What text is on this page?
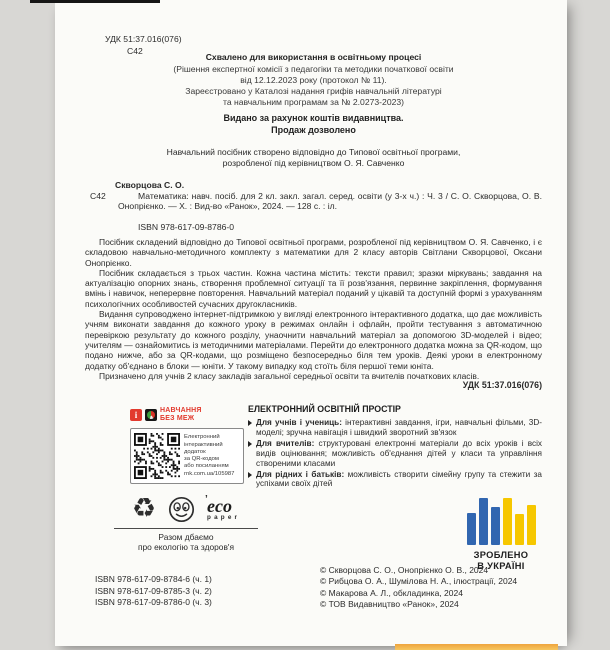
УДК 51:37.016(076)
С42
Схвалено для використання в освітньому процесі
(Рішення експертної комісії з педагогіки та методики початкової освіти
від 12.12.2023 року (протокол № 11).
Зареєстровано у Каталозі надання грифів навчальній літературі
та навчальним програмам за № 2.0273-2023)
Видано за рахунок коштів видавництва.
Продаж дозволено
Навчальний посібник створено відповідно до Типової освітньої програми,
розробленої під керівництвом О. Я. Савченко
Скворцова С. О.
С42	Математика: навч. посіб. для 2 кл. закл. загал. серед. освіти (у 3-х ч.) : Ч. 3 / С. О. Скворцова, О. В. Онопрієнко. — Х. : Вид-во «Ранок», 2024. — 128 с. : іл.
ISBN 978-617-09-8786-0

Посібник складений відповідно до Типової освітньої програми, розробленої під керівництвом О. Я. Савченко, і є складовою навчально-методичного комплекту з математики для 2 класу авторів Світлани Скворцової, Оксани Онопрієнко.

Посібник складається з трьох частин. Кожна частина містить: тексти правил; зразки міркувань; завдання на актуалізацію опорних знань, створення проблемної ситуації та її розв'язання, первинне закріплення, формування вмінь і навичок, неперервне повторення. Навчальний матеріал поданий у цікавій та доступній формі з урахуванням психологічних особливостей сучасних другокласників.

Видання супроводжено інтернет-підтримкою у вигляді електронного інтерактивного додатка, що дає можливість учням виконати завдання до кожного уроку в режимах онлайн і офлайн, пройти тестування з автоматичною перевіркою результату до кожного розділу, унаочнити навчальний матеріал за допомогою 3D-моделей і відео; учителям — ознайомитись із методичними матеріалами. Перейти до електронного додатка можна за QR-кодом, що подано нижче, або за QR-кодами, що розміщено безпосередньо біля тем уроків. Деякі уроки в електронному додатку об'єднано в блоки — юніти. У такому випадку код стоїть біля першої теми юніта.

Призначено для учнів 2 класу закладів загальної середньої освіти та вчителів початкових класів.

УДК 51:37.016(076)
i	НАВЧАННЯ
БЕЗ МЕЖ
Електронний
інтерактивний
додаток
за QR-кодом
або посиланням
rnk.com.ua/105987
ЕЛЕКТРОННИЙ ОСВІТНІЙ ПРОСТІР
Для учнів і учениць: інтерактивні завдання, ігри, навчальні фільми, 3D-моделі; зручна навігація і швидкий зворотний зв'язок
Для вчителів: структуровані електронні матеріали до всіх уроків і всіх видів оцінювання; можливість об'єднання дітей у класи та управління створеними класами
Для рідних і батьків: можливість створити сімейну групу та стежити за успіхами своїх дітей
♻	’ eco
paper
Разом дбаємо
про екологію та здоров'я
ЗРОБЛЕНО
В УКРАЇНІ
ISBN 978-617-09-8784-6 (ч. 1)
ISBN 978-617-09-8785-3 (ч. 2)
ISBN 978-617-09-8786-0 (ч. 3)
© Скворцова С. О., Онопрієнко О. В., 2024
© Рибцова О. А., Шумілова Н. А., ілюстрації, 2024
© Макарова А. Л., обкладинка, 2024
© ТОВ Видавництво «Ранок», 2024
